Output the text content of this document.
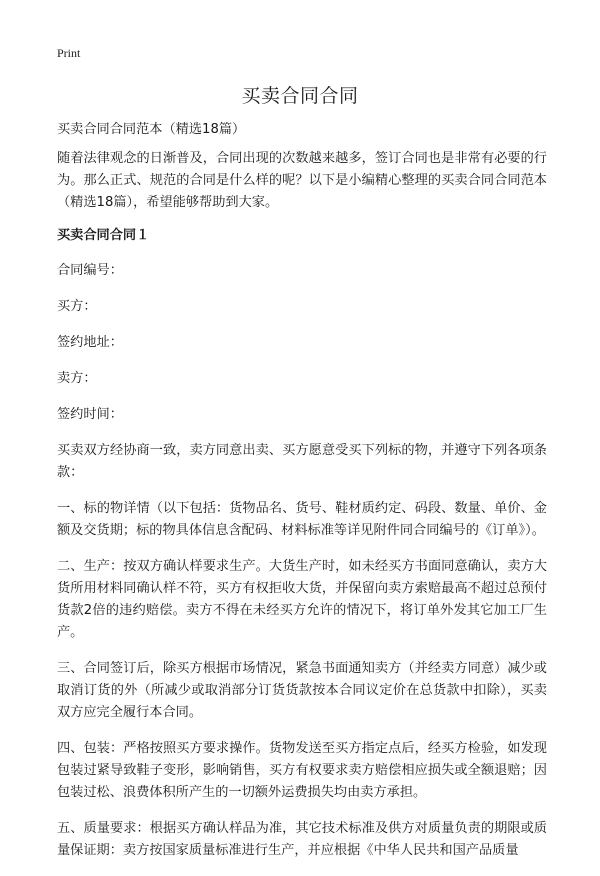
Print
买卖合同合同

买卖合同合同范本（精选18篇）

随着法律观念的日渐普及，合同出现的次数越来越多，签订合同也是非常有必要的行为。那么正式、规范的合同是什么样的呢？以下是小编精心整理的买卖合同合同范本（精选18篇），希望能够帮助到大家。

买卖合同合同１

合同编号：

买方：

签约地址：

卖方：

签约时间：

买卖双方经协商一致，卖方同意出卖、买方愿意受买下列标的物，并遵守下列各项条款：

一、标的物详情（以下包括：货物品名、货号、鞋材质约定、码段、数量、单价、金额及交货期；标的物具体信息含配码、材料标准等详见附件同合同编号的《订单》）。

二、生产：按双方确认样要求生产。大货生产时，如未经买方书面同意确认，卖方大货所用材料同确认样不符，买方有权拒收大货，并保留向卖方索赔最高不超过总预付货款2倍的违约赔偿。卖方不得在未经买方允许的情况下，将订单外发其它加工厂生产。

三、合同签订后，除买方根据市场情况，紧急书面通知卖方（并经卖方同意）减少或取消订货的外（所减少或取消部分订货货款按本合同议定价在总货款中扣除），买卖双方应完全履行本合同。

四、包装：严格按照买方要求操作。货物发送至买方指定点后，经买方检验，如发现包装过紧导致鞋子变形，影响销售，买方有权要求卖方赔偿相应损失或全额退赔；因包装过松、浪费体积所产生的一切额外运费损失均由卖方承担。

五、质量要求：根据买方确认样品为准，其它技术标准及供方对质量负责的期限或质量保证期：卖方按国家质量标准进行生产，并应根据《中华人民共和国产品质量
